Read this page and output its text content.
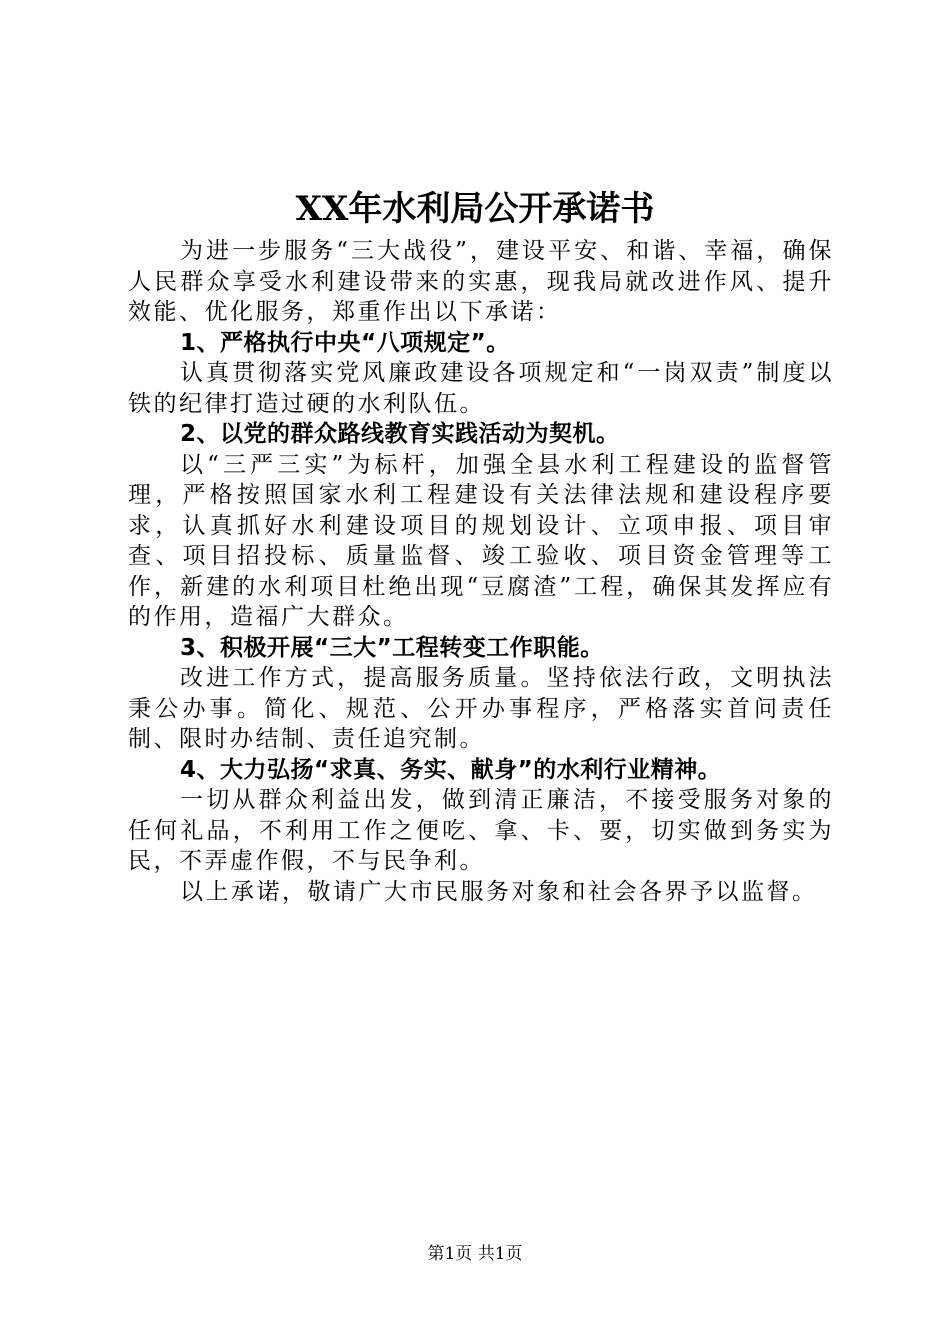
XX年水利局公开承诺书

为进一步服务“三大战役”，建设平安、和谐、幸福，确保人民群众享受水利建设带来的实惠，现我局就改进作风、提升效能、优化服务，郑重作出以下承诺：

1、严格执行中央“八项规定”。

认真贯彻落实党风廉政建设各项规定和“一岗双责”制度以铁的纪律打造过硬的水利队伍。

2、以党的群众路线教育实践活动为契机。

以“三严三实”为标杆，加强全县水利工程建设的监督管理，严格按照国家水利工程建设有关法律法规和建设程序要求，认真抓好水利建设项目的规划设计、立项申报、项目审查、项目招投标、质量监督、竣工验收、项目资金管理等工作，新建的水利项目杜绝出现“豆腐渣”工程，确保其发挥应有的作用，造福广大群众。

3、积极开展“三大”工程转变工作职能。

改进工作方式，提高服务质量。坚持依法行政，文明执法秉公办事。简化、规范、公开办事程序，严格落实首问责任制、限时办结制、责任追究制。

4、大力弘扬“求真、务实、献身”的水利行业精神。

一切从群众利益出发，做到清正廉洁，不接受服务对象的任何礼品，不利用工作之便吃、拿、卡、要，切实做到务实为民，不弄虚作假，不与民争利。

以上承诺，敬请广大市民服务对象和社会各界予以监督。

第1页 共1页
